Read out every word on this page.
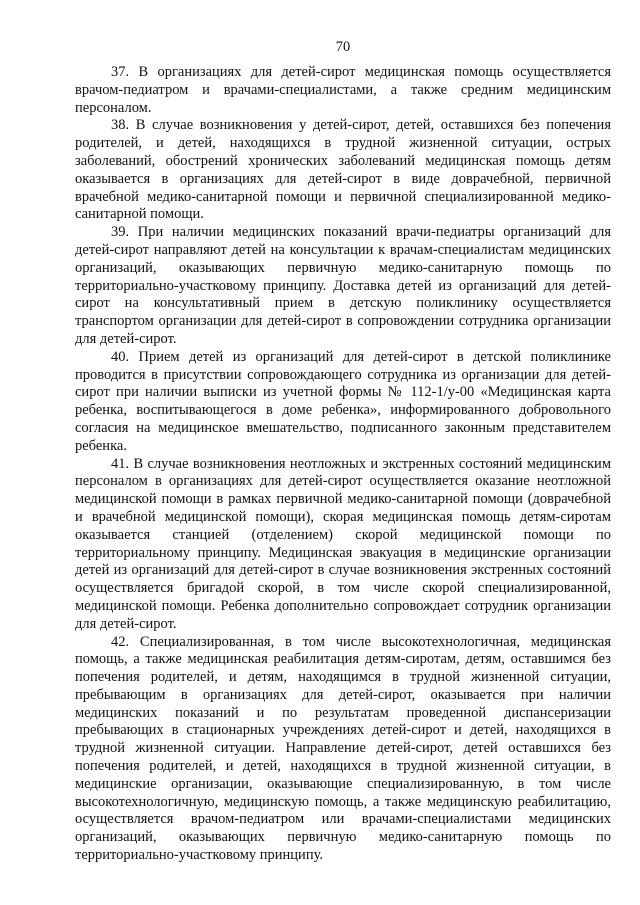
70

37. В организациях для детей-сирот медицинская помощь осуществляется врачом-педиатром и врачами-специалистами, а также средним медицинским персоналом.

38. В случае возникновения у детей-сирот, детей, оставшихся без попечения родителей, и детей, находящихся в трудной жизненной ситуации, острых заболеваний, обострений хронических заболеваний медицинская помощь детям оказывается в организациях для детей-сирот в виде доврачебной, первичной врачебной медико-санитарной помощи и первичной специализированной медико-санитарной помощи.

39. При наличии медицинских показаний врачи-педиатры организаций для детей-сирот направляют детей на консультации к врачам-специалистам медицинских организаций, оказывающих первичную медико-санитарную помощь по территориально-участковому принципу. Доставка детей из организаций для детей-сирот на консультативный прием в детскую поликлинику осуществляется транспортом организации для детей-сирот в сопровождении сотрудника организации для детей-сирот.

40. Прием детей из организаций для детей-сирот в детской поликлинике проводится в присутствии сопровождающего сотрудника из организации для детей-сирот при наличии выписки из учетной формы № 112-1/у-00 «Медицинская карта ребенка, воспитывающегося в доме ребенка», информированного добровольного согласия на медицинское вмешательство, подписанного законным представителем ребенка.

41. В случае возникновения неотложных и экстренных состояний медицинским персоналом в организациях для детей-сирот осуществляется оказание неотложной медицинской помощи в рамках первичной медико-санитарной помощи (доврачебной и врачебной медицинской помощи), скорая медицинская помощь детям-сиротам оказывается станцией (отделением) скорой медицинской помощи по территориальному принципу. Медицинская эвакуация в медицинские организации детей из организаций для детей-сирот в случае возникновения экстренных состояний осуществляется бригадой скорой, в том числе скорой специализированной, медицинской помощи. Ребенка дополнительно сопровождает сотрудник организации для детей-сирот.

42. Специализированная, в том числе высокотехнологичная, медицинская помощь, а также медицинская реабилитация детям-сиротам, детям, оставшимся без попечения родителей, и детям, находящимся в трудной жизненной ситуации, пребывающим в организациях для детей-сирот, оказывается при наличии медицинских показаний и по результатам проведенной диспансеризации пребывающих в стационарных учреждениях детей-сирот и детей, находящихся в трудной жизненной ситуации. Направление детей-сирот, детей оставшихся без попечения родителей, и детей, находящихся в трудной жизненной ситуации, в медицинские организации, оказывающие специализированную, в том числе высокотехнологичную, медицинскую помощь, а также медицинскую реабилитацию, осуществляется врачом-педиатром или врачами-специалистами медицинских организаций, оказывающих первичную медико-санитарную помощь по территориально-участковому принципу.
